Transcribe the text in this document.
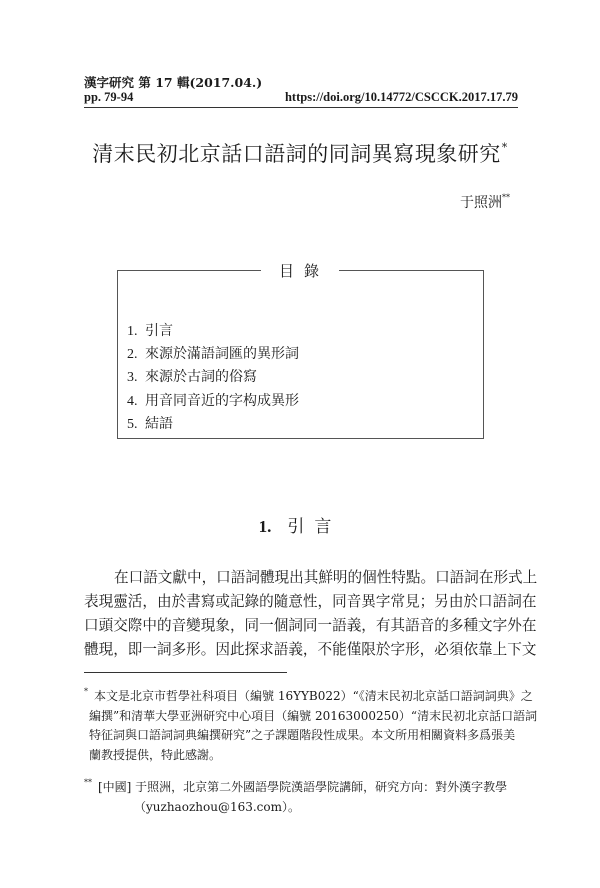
漢字研究 第 17 輯(2017.04.)
pp. 79-94	https://doi.org/10.14772/CSCCK.2017.17.79
清末民初北京話口語詞的同詞異寫現象研究*
于照洲**
目錄
1. 引言
2. 來源於滿語詞匯的異形詞
3. 來源於古詞的俗寫
4. 用音同音近的字构成異形
5. 結語
1. 引言
在口語文獻中，口語詞體現出其鮮明的個性特點。口語詞在形式上
表現靈活，由於書寫或記錄的隨意性，同音異字常見；另由於口語詞在
口頭交際中的音變現象，同一個詞同一語義，有其語音的多種文字外在
體現，即一詞多形。因此探求語義，不能僅限於字形，必須依靠上下文
* 本文是北京市哲學社科項目（編號 16YYB022）“《清末民初北京話口語詞詞典》之
編撰”和清華大學亚洲研究中心項目（編號 20163000250）“清末民初北京話口語詞
特征詞與口語詞詞典編撰研究”之子課題階段性成果。本文所用相關資料多爲張美
蘭教授提供，特此感謝。
** [中國] 于照洲，北京第二外國語學院漢語學院講師，研究方向：對外漢字教學
（yuzhaozhou@163.com）。
